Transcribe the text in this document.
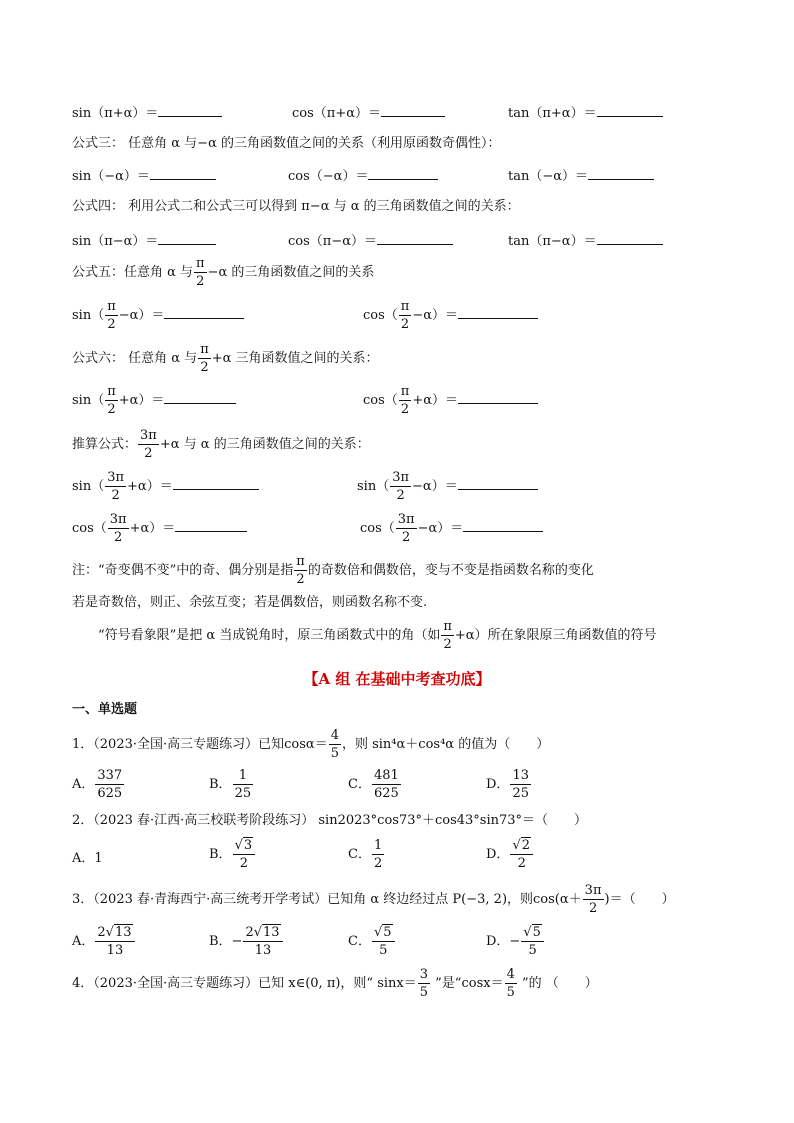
sin（π+α）＝	cos（π+α）＝	tan（π+α）＝
公式三： 任意角 α 与−α 的三角函数值之间的关系（利用原函数奇偶性）：
sin（−α）＝	cos（−α）＝	tan（−α）＝
公式四： 利用公式二和公式三可以得到 π−α 与 α 的三角函数值之间的关系：
sin（π−α）＝	cos（π−α）＝	tan（π−α）＝
公式五：任意角 α 与 $\frac{\pi}{2} -\alpha$ 的三角函数值之间的关系
$\sin( \frac{\pi}{2} -\alpha)=$	$\cos( \frac{\pi}{2} -\alpha)=$
公式六： 任意角 α 与 $\frac{\pi}{2} +\alpha$ 三角函数值之间的关系：
$\sin( \frac{\pi}{2} +\alpha)=$	$\cos( \frac{\pi}{2} +\alpha)=$
推算公式： $\frac{3\pi}{2} +\alpha$ 与 α 的三角函数值之间的关系：
$\sin( \frac{3\pi}{2} +\alpha)=$	$\sin( \frac{3\pi}{2} -\alpha)=$
$\cos( \frac{3\pi}{2} +\alpha)=$	$\cos( \frac{3\pi}{2} -\alpha)=$
注：“奇变偶不变”中的奇、偶分别是指 $\frac{\pi}{2}$ 的奇数倍和偶数倍，变与不变是指函数名称的变化
若是奇数倍，则正、余弦互变；若是偶数倍，则函数名称不变.
“符号看象限”是把 α 当成锐角时，原三角函数式中的角（如 $\frac{\pi}{2} +\alpha$）所在象限原三角函数值的符号
【A 组 在基础中考查功底】
一、单选题
1．（2023·全国·高三专题练习）已知$\cos\alpha= \frac{4}{5}$ ，则 sin⁴α＋cos⁴α 的值为（　　）
A． $\frac{337}{625}$	B． $\frac{1}{25}$	C． $\frac{481}{625}$	D． $\frac{13}{25}$
2．（2023 春·江西·高三校联考阶段练习） sin2023°cos73°＋cos43°sin73°＝（　　）
A．1	B． $\frac{√3}{2}$	C． $\frac{1}{2}$	D． $\frac{√2}{2}$
3．（2023 春·青海西宁·高三统考开学考试）已知角 α 终边经过点 P(−3, 2)，则$\cos(\alpha+ \frac{3\pi}{2}$ )＝（　　）
A． $\frac{2√13}{13}$	B．− $\frac{2√13}{13}$	C． $\frac{√5}{5}$	D．− $\frac{√5}{5}$
4．（2023·全国·高三专题练习）已知 x∈(0, π)，则“ $\sin x= \frac{3}{5}$ ”是“$\cos x= \frac{4}{5}$ ”的 （　　）
